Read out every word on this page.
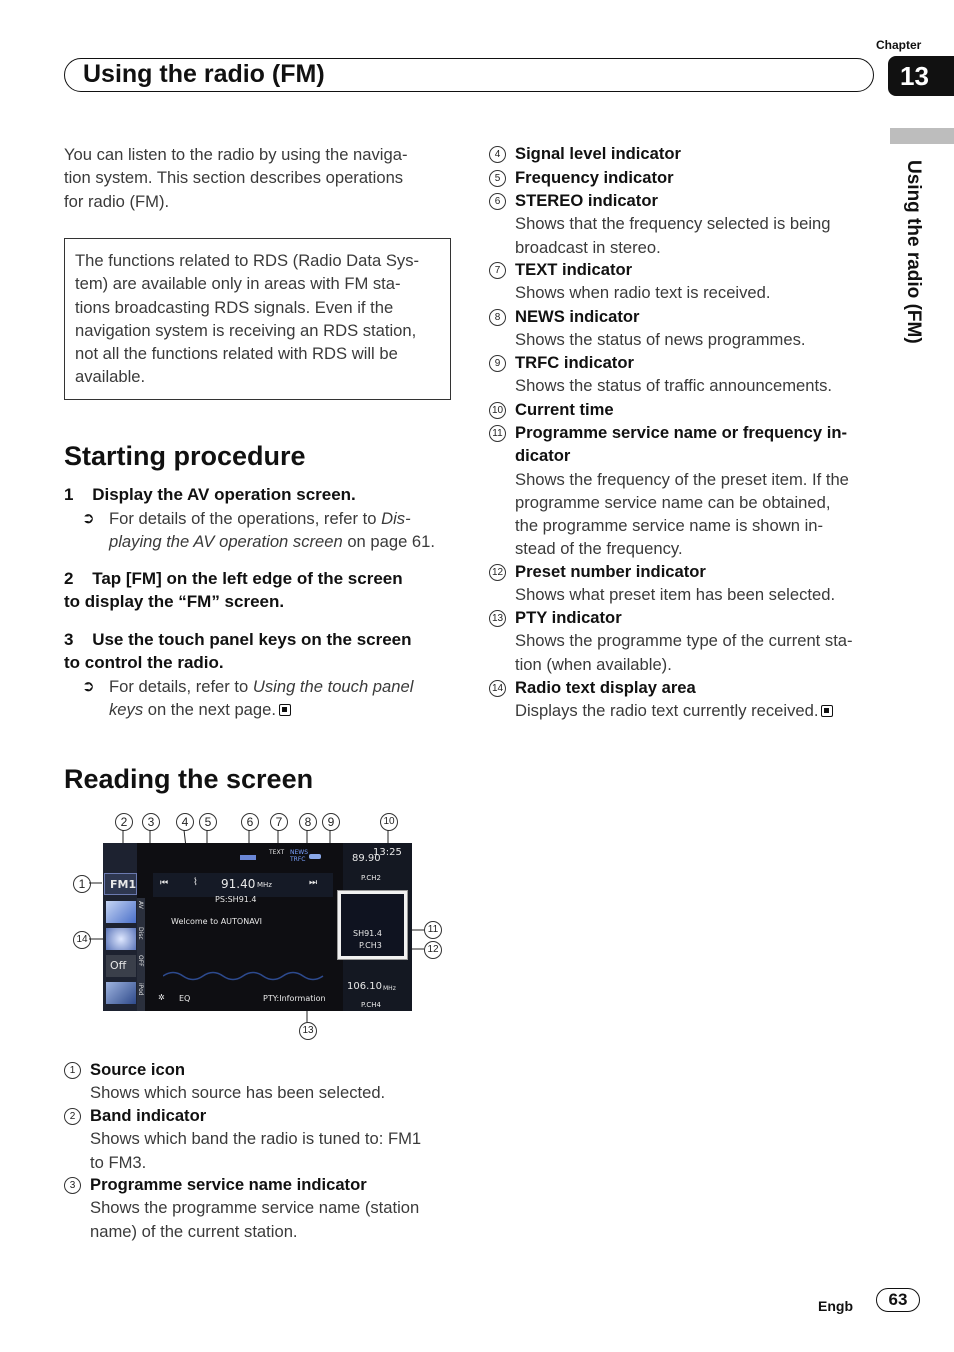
Chapter
13
Using the radio (FM)
Using the radio (FM)
You can listen to the radio by using the naviga-
tion system. This section describes operations
for radio (FM).
The functions related to RDS (Radio Data Sys-
tem) are available only in areas with FM sta-
tions broadcasting RDS signals. Even if the
navigation system is receiving an RDS station,
not all the functions related with RDS will be
available.
Starting procedure
1 Display the AV operation screen.
➲ For details of the operations, refer to Dis-
playing the AV operation screen on page 61.
2 Tap [FM] on the left edge of the screen
to display the “FM” screen.
3 Use the touch panel keys on the screen
to control the radio.
➲ For details, refer to Using the touch panel
keys on the next page.
Reading the screen
2	3	4	5	6	7	8	9	10
1
14
11
12
13
FM1
Off
AV
Disc
OFF
iPod
TEXT NEWS
TRFC
⏮ ⌇ 91.40 MHz	⏭
PS:SH91.4
Welcome to AUTONAVI
✲ EQ	PTY:Information
13:25
89.90
P.CH2
SH91.4
P.CH3
106.10 MHz
P.CH4
1 Source icon
Shows which source has been selected.
2 Band indicator
Shows which band the radio is tuned to: FM1
to FM3.
3 Programme service name indicator
Shows the programme service name (station
name) of the current station.
4 Signal level indicator
5 Frequency indicator
6 STEREO indicator
Shows that the frequency selected is being
broadcast in stereo.
7 TEXT indicator
Shows when radio text is received.
8 NEWS indicator
Shows the status of news programmes.
9 TRFC indicator
Shows the status of traffic announcements.
10 Current time
11 Programme service name or frequency in-
dicator
Shows the frequency of the preset item. If the
programme service name can be obtained,
the programme service name is shown in-
stead of the frequency.
12 Preset number indicator
Shows what preset item has been selected.
13 PTY indicator
Shows the programme type of the current sta-
tion (when available).
14 Radio text display area
Displays the radio text currently received.
Engb	63
